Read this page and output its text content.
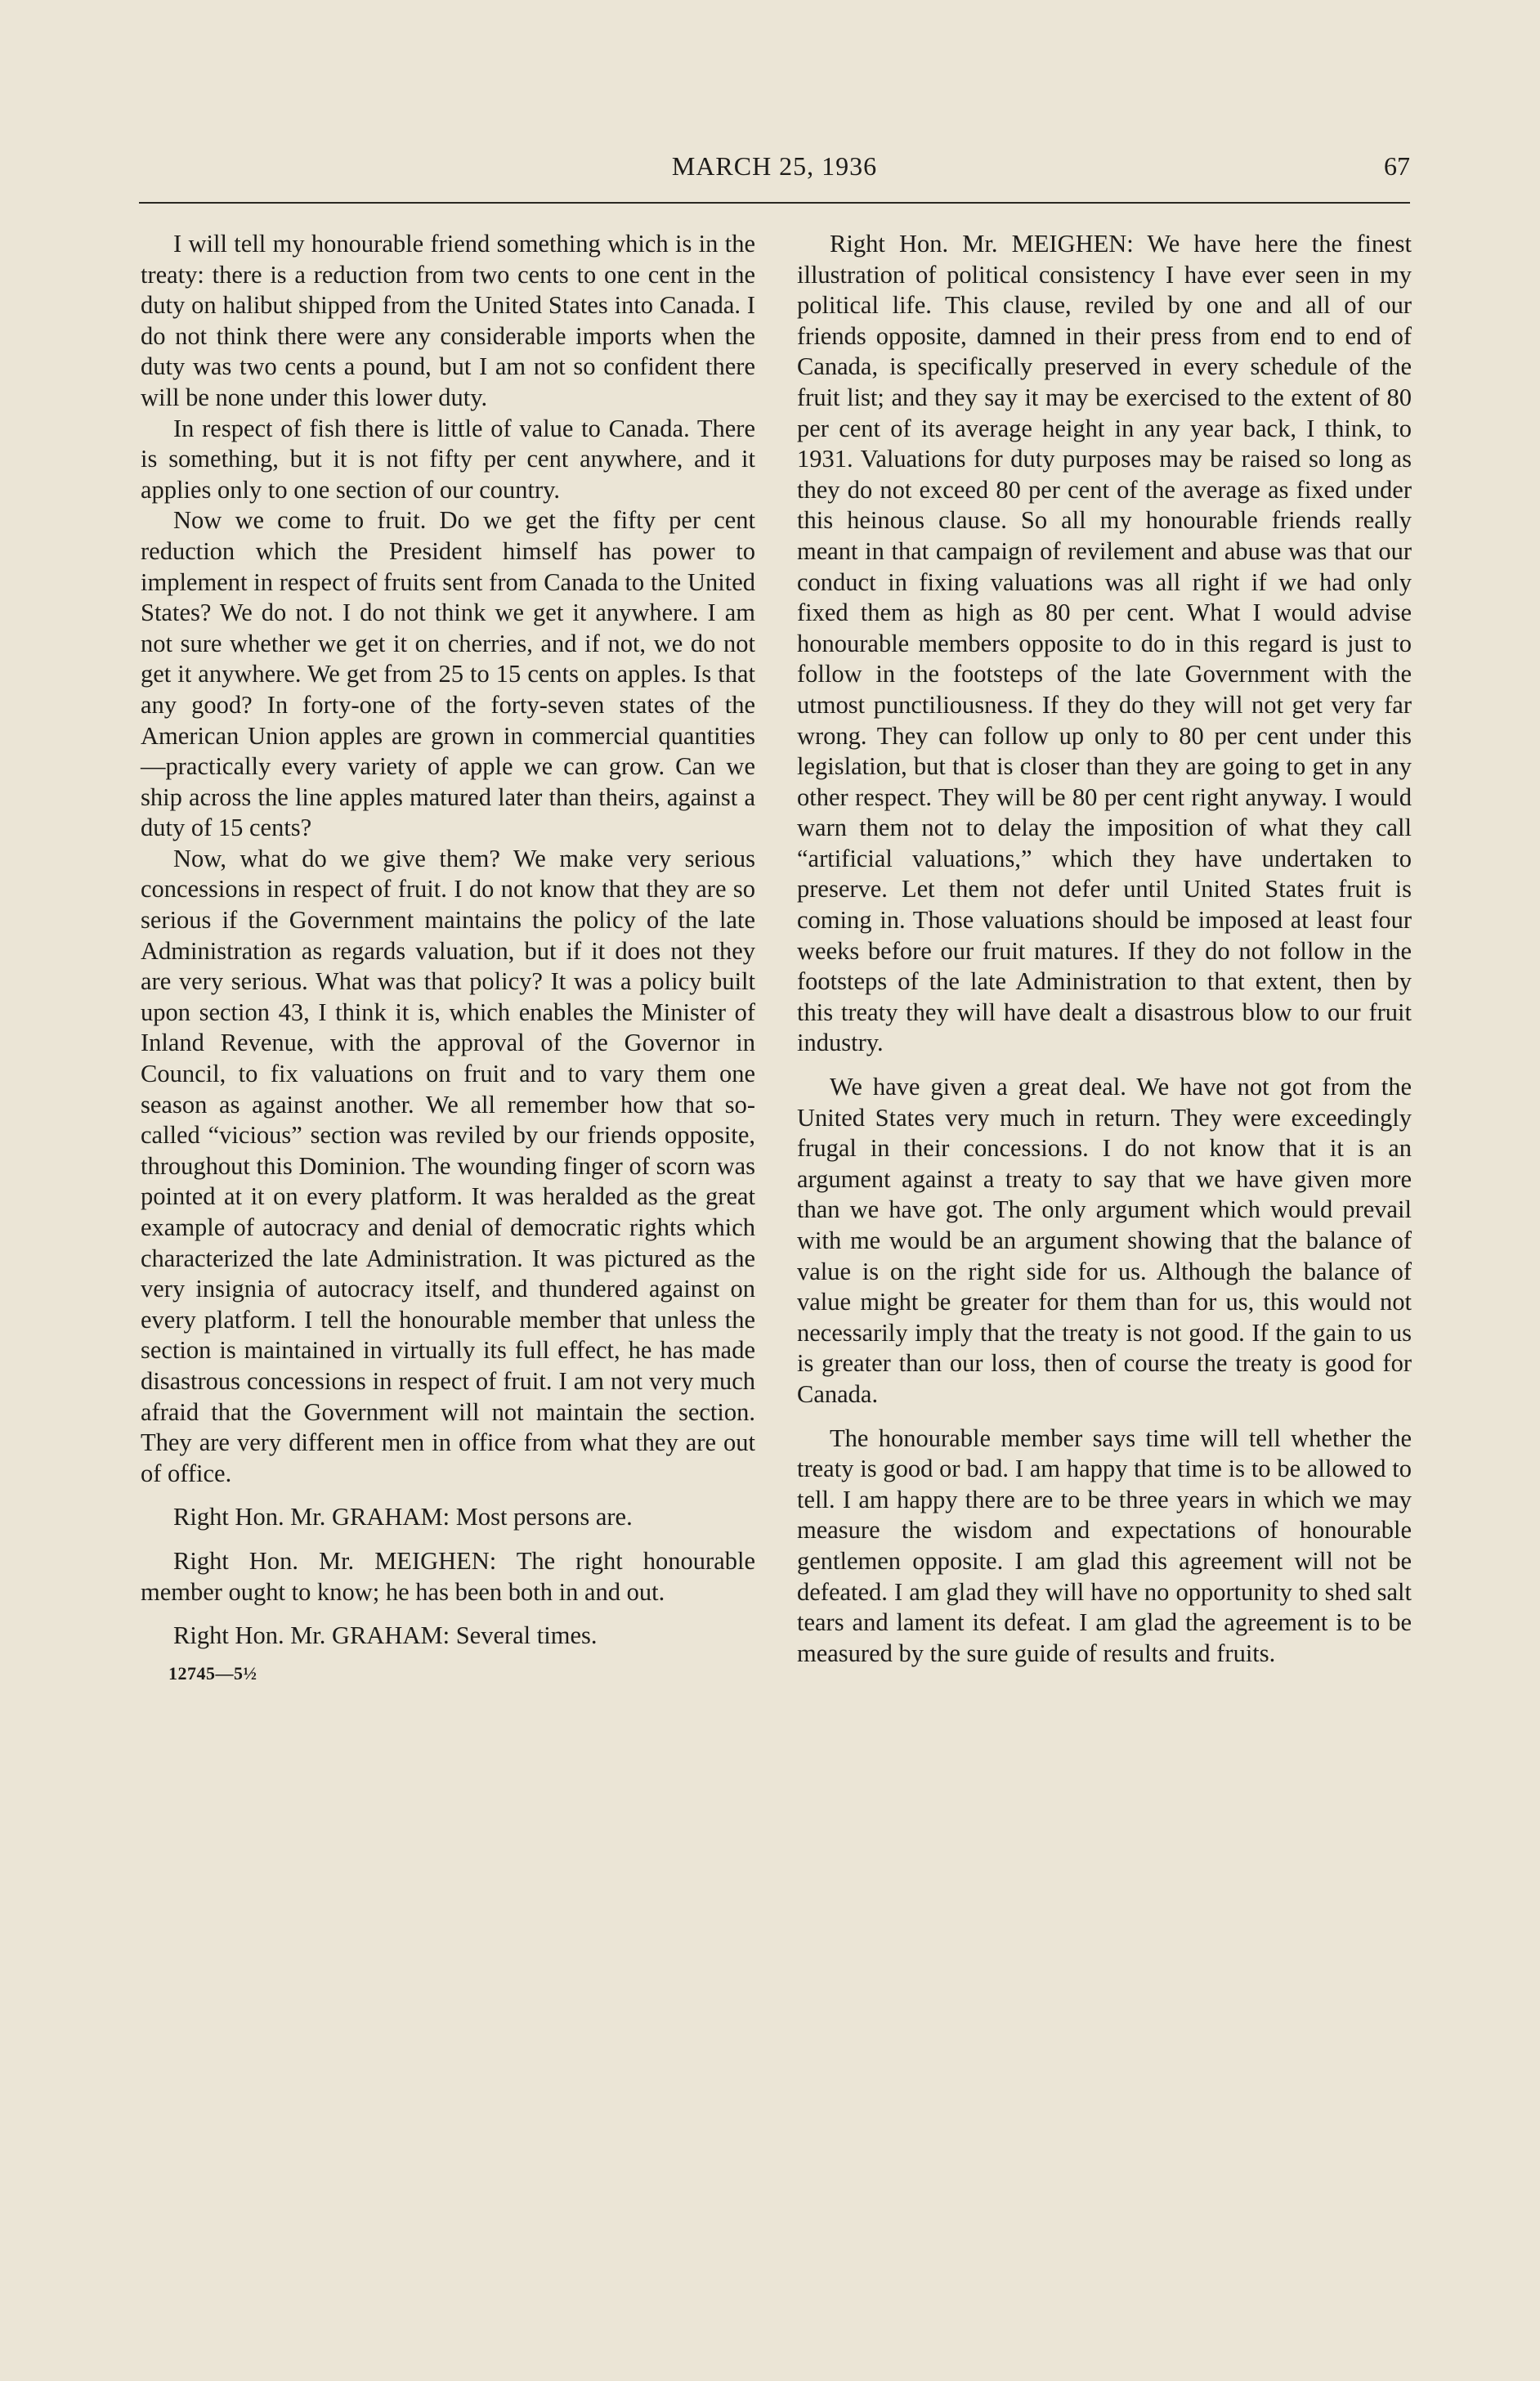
MARCH 25, 1936	67

I will tell my honourable friend something which is in the treaty: there is a reduction from two cents to one cent in the duty on halibut shipped from the United States into Canada. I do not think there were any considerable imports when the duty was two cents a pound, but I am not so confident there will be none under this lower duty.

In respect of fish there is little of value to Canada. There is something, but it is not fifty per cent anywhere, and it applies only to one section of our country.

Now we come to fruit. Do we get the fifty per cent reduction which the President himself has power to implement in respect of fruits sent from Canada to the United States? We do not. I do not think we get it anywhere. I am not sure whether we get it on cherries, and if not, we do not get it anywhere. We get from 25 to 15 cents on apples. Is that any good? In forty-one of the forty-seven states of the American Union apples are grown in commercial quantities—practically every variety of apple we can grow. Can we ship across the line apples matured later than theirs, against a duty of 15 cents?

Now, what do we give them? We make very serious concessions in respect of fruit. I do not know that they are so serious if the Government maintains the policy of the late Administration as regards valuation, but if it does not they are very serious. What was that policy? It was a policy built upon section 43, I think it is, which enables the Minister of Inland Revenue, with the approval of the Governor in Council, to fix valuations on fruit and to vary them one season as against another. We all remember how that so-called “vicious” section was reviled by our friends opposite, throughout this Dominion. The wounding finger of scorn was pointed at it on every platform. It was heralded as the great example of autocracy and denial of democratic rights which characterized the late Administration. It was pictured as the very insignia of autocracy itself, and thundered against on every platform. I tell the honourable member that unless the section is maintained in virtually its full effect, he has made disastrous concessions in respect of fruit. I am not very much afraid that the Government will not maintain the section. They are very different men in office from what they are out of office.

Right Hon. Mr. GRAHAM: Most persons are.

Right Hon. Mr. MEIGHEN: The right honourable member ought to know; he has been both in and out.

Right Hon. Mr. GRAHAM: Several times.

12745—5½

Right Hon. Mr. MEIGHEN: We have here the finest illustration of political consistency I have ever seen in my political life. This clause, reviled by one and all of our friends opposite, damned in their press from end to end of Canada, is specifically preserved in every schedule of the fruit list; and they say it may be exercised to the extent of 80 per cent of its average height in any year back, I think, to 1931. Valuations for duty purposes may be raised so long as they do not exceed 80 per cent of the average as fixed under this heinous clause. So all my honourable friends really meant in that campaign of revilement and abuse was that our conduct in fixing valuations was all right if we had only fixed them as high as 80 per cent. What I would advise honourable members opposite to do in this regard is just to follow in the footsteps of the late Government with the utmost punctiliousness. If they do they will not get very far wrong. They can follow up only to 80 per cent under this legislation, but that is closer than they are going to get in any other respect. They will be 80 per cent right anyway. I would warn them not to delay the imposition of what they call “artificial valuations,” which they have undertaken to preserve. Let them not defer until United States fruit is coming in. Those valuations should be imposed at least four weeks before our fruit matures. If they do not follow in the footsteps of the late Administration to that extent, then by this treaty they will have dealt a disastrous blow to our fruit industry.

We have given a great deal. We have not got from the United States very much in return. They were exceedingly frugal in their concessions. I do not know that it is an argument against a treaty to say that we have given more than we have got. The only argument which would prevail with me would be an argument showing that the balance of value is on the right side for us. Although the balance of value might be greater for them than for us, this would not necessarily imply that the treaty is not good. If the gain to us is greater than our loss, then of course the treaty is good for Canada.

The honourable member says time will tell whether the treaty is good or bad. I am happy that time is to be allowed to tell. I am happy there are to be three years in which we may measure the wisdom and expectations of honourable gentlemen opposite. I am glad this agreement will not be defeated. I am glad they will have no opportunity to shed salt tears and lament its defeat. I am glad the agreement is to be measured by the sure guide of results and fruits.
